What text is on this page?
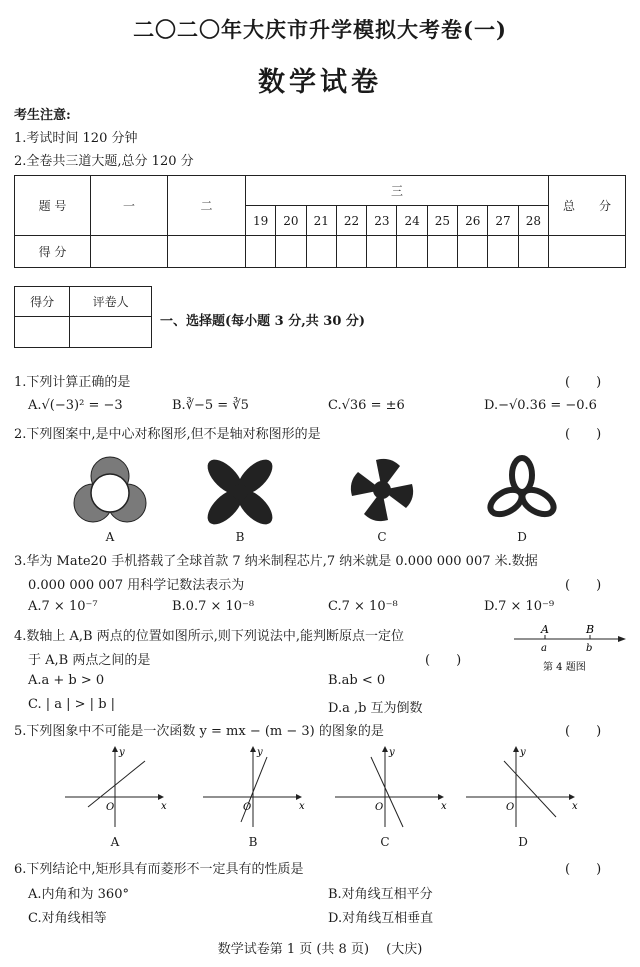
二〇二〇年大庆市升学模拟大考卷(一)
数学试卷
考生注意:
1.考试时间 120 分钟
2.全卷共三道大题,总分 120 分
题 号	一	二	三										总　　分
			19	20	21	22	23	24	25	26	27	28	
得 分													
得分	评卷人

一、选择题(每小题 3 分,共 30 分)
1.下列计算正确的是	(　　)
A.√(−3)² = −3	B.∛−5 = ∛5	C.√36 = ±6	D.−√0.36 = −0.6
2.下列图案中,是中心对称图形,但不是轴对称图形的是	(　　)
A	B	C	D
3.华为 Mate20 手机搭载了全球首款 7 纳米制程芯片,7 纳米就是 0.000 000 007 米.数据
0.000 000 007 用科学记数法表示为	(　　)
A.7 × 10⁻⁷	B.0.7 × 10⁻⁸	C.7 × 10⁻⁸	D.7 × 10⁻⁹
4.数轴上 A,B 两点的位置如图所示,则下列说法中,能判断原点一定位
于 A,B 两点之间的是	(　　)
A.a + b > 0	B.ab < 0
C. | a | > | b |	D.a ,b 互为倒数
A	B
a	b
第 4 题图
5.下列图象中不可能是一次函数 y = mx − (m − 3) 的图象的是	(　　)
O	x
y
O	x
y
O	x
y
O	x
y
A	B	C	D
6.下列结论中,矩形具有而菱形不一定具有的性质是	(　　)
A.内角和为 360°	B.对角线互相平分
C.对角线相等	D.对角线互相垂直
数学试卷第 1 页 (共 8 页)　 (大庆)
